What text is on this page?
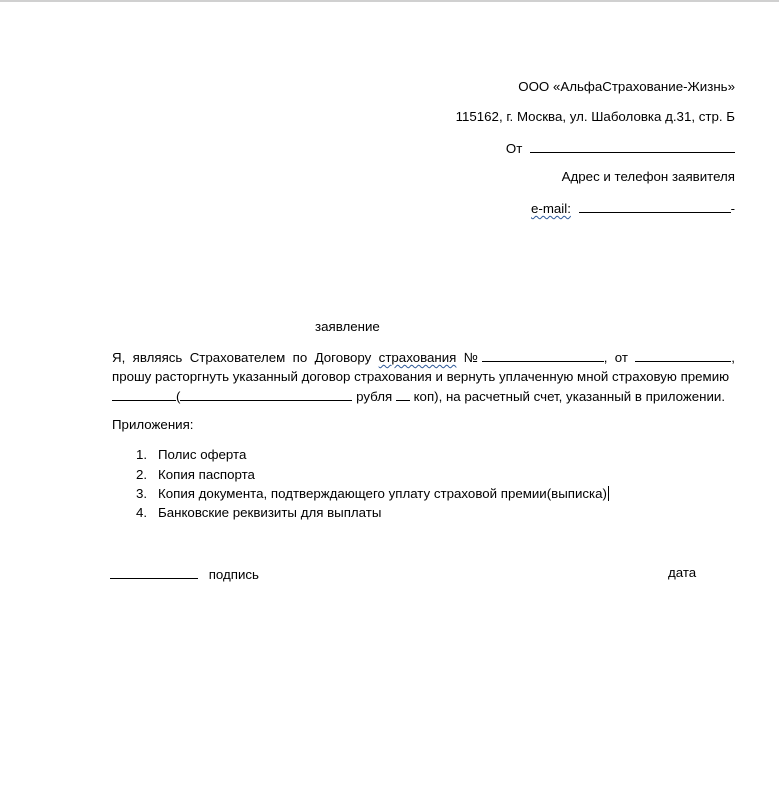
ООО «АльфаСтрахование-Жизнь»
115162, г. Москва, ул. Шаболовка д.31, стр. Б
От
Адрес и телефон заявителя
e-mail:	-
заявление
Я, являясь Страхователем по Договору страхования №	, от	,
прошу расторгнуть указанный договор страхования и вернуть уплаченную мной страховую премию
(	рубля коп), на расчетный счет, указанный в приложении.
Приложения:
1. Полис оферта
2. Копия паспорта
3. Копия документа, подтверждающего уплату страховой премии(выписка)
4. Банковские реквизиты для выплаты
подпись	дата
